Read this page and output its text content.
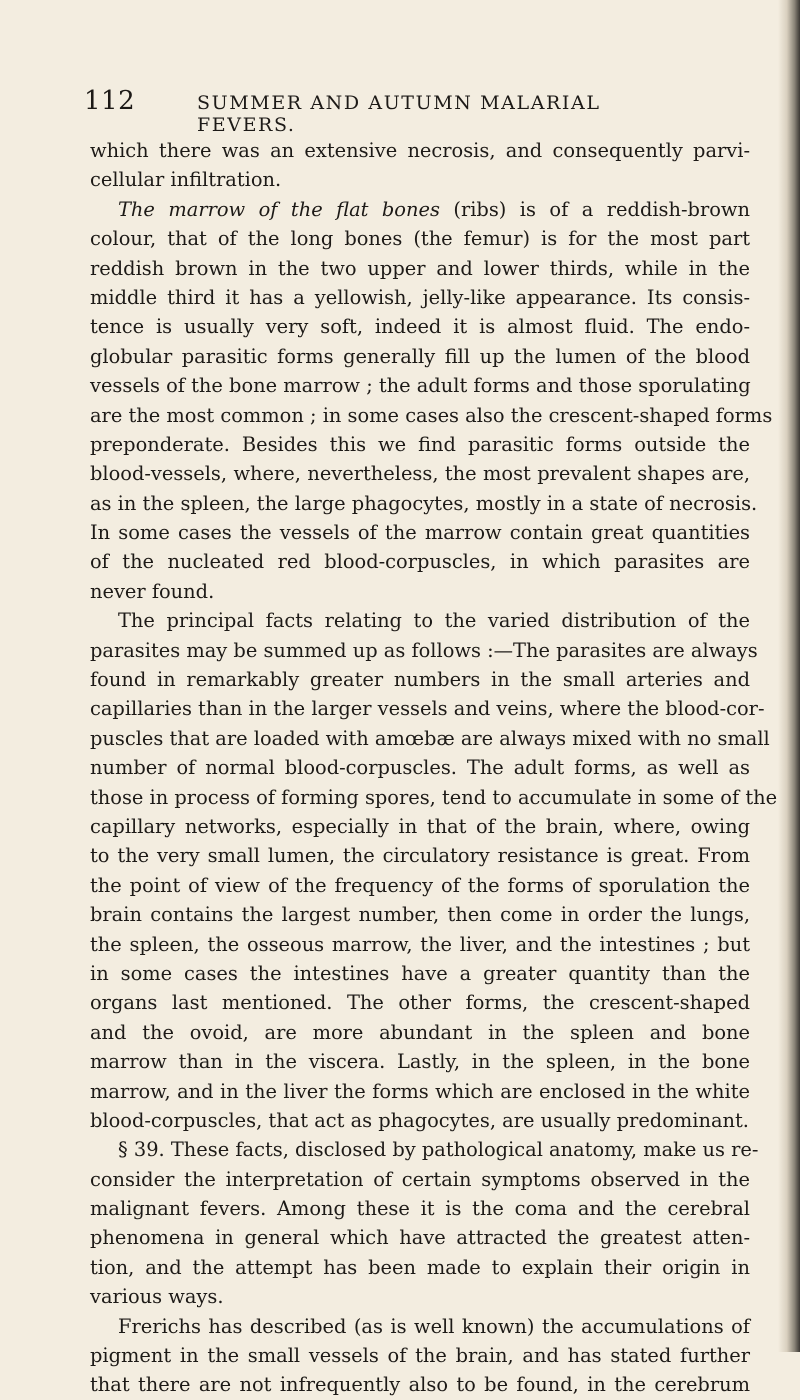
112	SUMMER AND AUTUMN MALARIAL FEVERS.
which there was an extensive necrosis, and consequently parvi-
cellular infiltration.
The marrow of the flat bones (ribs) is of a reddish-brown
colour, that of the long bones (the femur) is for the most part
reddish brown in the two upper and lower thirds, while in the
middle third it has a yellowish, jelly-like appearance. Its consis-
tence is usually very soft, indeed it is almost fluid. The endo-
globular parasitic forms generally fill up the lumen of the blood
vessels of the bone marrow ; the adult forms and those sporulating
are the most common ; in some cases also the crescent-shaped forms
preponderate. Besides this we find parasitic forms outside the
blood-vessels, where, nevertheless, the most prevalent shapes are,
as in the spleen, the large phagocytes, mostly in a state of necrosis.
In some cases the vessels of the marrow contain great quantities
of the nucleated red blood-corpuscles, in which parasites are
never found.
The principal facts relating to the varied distribution of the
parasites may be summed up as follows :—The parasites are always
found in remarkably greater numbers in the small arteries and
capillaries than in the larger vessels and veins, where the blood-cor-
puscles that are loaded with amœbæ are always mixed with no small
number of normal blood-corpuscles. The adult forms, as well as
those in process of forming spores, tend to accumulate in some of the
capillary networks, especially in that of the brain, where, owing
to the very small lumen, the circulatory resistance is great. From
the point of view of the frequency of the forms of sporulation the
brain contains the largest number, then come in order the lungs,
the spleen, the osseous marrow, the liver, and the intestines ; but
in some cases the intestines have a greater quantity than the
organs last mentioned. The other forms, the crescent-shaped
and the ovoid, are more abundant in the spleen and bone
marrow than in the viscera. Lastly, in the spleen, in the bone
marrow, and in the liver the forms which are enclosed in the white
blood-corpuscles, that act as phagocytes, are usually predominant.
§ 39. These facts, disclosed by pathological anatomy, make us re-
consider the interpretation of certain symptoms observed in the
malignant fevers. Among these it is the coma and the cerebral
phenomena in general which have attracted the greatest atten-
tion, and the attempt has been made to explain their origin in
various ways.
Frerichs has described (as is well known) the accumulations of
pigment in the small vessels of the brain, and has stated further
that there are not infrequently also to be found, in the cerebrum
